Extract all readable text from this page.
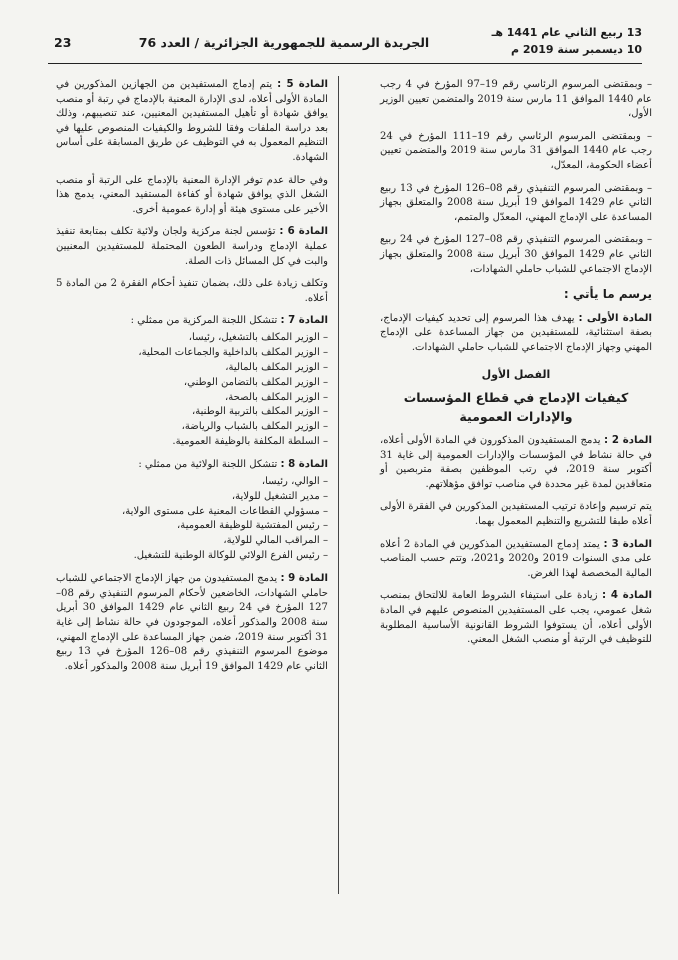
13 ربيع الثاني عام 1441 هـ
10 ديسمبر سنة 2019 م
الجريدة الرسمية للجمهورية الجزائرية / العدد 76
23

– وبمقتضى المرسوم الرئاسي رقم 19–97 المؤرخ في 4 رجب عام 1440 الموافق 11 مارس سنة 2019 والمتضمن تعيين الوزير الأول،

– وبمقتضى المرسوم الرئاسي رقم 19–111 المؤرخ في 24 رجب عام 1440 الموافق 31 مارس سنة 2019 والمتضمن تعيين أعضاء الحكومة، المعدّل،

– وبمقتضى المرسوم التنفيذي رقم 08–126 المؤرخ في 13 ربيع الثاني عام 1429 الموافق 19 أبريل سنة 2008 والمتعلق بجهاز المساعدة على الإدماج المهني، المعدّل والمتمم،

– وبمقتضى المرسوم التنفيذي رقم 08–127 المؤرخ في 24 ربيع الثاني عام 1429 الموافق 30 أبريل سنة 2008 والمتعلق بجهاز الإدماج الاجتماعي للشباب حاملي الشهادات،

يرسم ما يأتي :

المادة الأولى : يهدف هذا المرسوم إلى تحديد كيفيات الإدماج، بصفة استثنائية، للمستفيدين من جهاز المساعدة على الإدماج المهني وجهاز الإدماج الاجتماعي للشباب حاملي الشهادات.

الفصل الأول
كيفيات الإدماج في قطاع المؤسسات والإدارات العمومية

المادة 2 : يدمج المستفيدون المذكورون في المادة الأولى أعلاه، في حالة نشاط في المؤسسات والإدارات العمومية إلى غاية 31 أكتوبر سنة 2019، في رتب الموظفين بصفة متربصين أو متعاقدين لمدة غير محددة في مناصب توافق مؤهلاتهم.

يتم ترسيم وإعادة ترتيب المستفيدين المذكورين في الفقرة الأولى أعلاه طبقا للتشريع والتنظيم المعمول بهما.

المادة 3 : يمتد إدماج المستفيدين المذكورين في المادة 2 أعلاه على مدى السنوات 2019 و2020 و2021، وتتم حسب المناصب المالية المخصصة لهذا الغرض.

المادة 4 : زيادة على استيفاء الشروط العامة للالتحاق بمنصب شغل عمومي، يجب على المستفيدين المنصوص عليهم في المادة الأولى أعلاه، أن يستوفوا الشروط القانونية الأساسية المطلوبة للتوظيف في الرتبة أو منصب الشغل المعني.

المادة 5 : يتم إدماج المستفيدين من الجهازين المذكورين في المادة الأولى أعلاه، لدى الإدارة المعنية بالإدماج في رتبة أو منصب يوافق شهادة أو تأهيل المستفيدين المعنيين، عند تنصيبهم، وذلك بعد دراسة الملفات وفقا للشروط والكيفيات المنصوص عليها في التنظيم المعمول به في التوظيف عن طريق المسابقة على أساس الشهادة.

وفي حالة عدم توفر الإدارة المعنية بالإدماج على الرتبة أو منصب الشغل الذي يوافق شهادة أو كفاءة المستفيد المعني، يدمج هذا الأخير على مستوى هيئة أو إدارة عمومية أخرى.

المادة 6 : تؤسس لجنة مركزية ولجان ولائية تكلف بمتابعة تنفيذ عملية الإدماج ودراسة الطعون المحتملة للمستفيدين المعنيين والبت في كل المسائل ذات الصلة.

وتكلف زيادة على ذلك، بضمان تنفيذ أحكام الفقرة 2 من المادة 5 أعلاه.

المادة 7 : تتشكل اللجنة المركزية من ممثلي :

– الوزير المكلف بالتشغيل، رئيسا،
– الوزير المكلف بالداخلية والجماعات المحلية،
– الوزير المكلف بالمالية،
– الوزير المكلف بالتضامن الوطني،
– الوزير المكلف بالصحة،
– الوزير المكلف بالتربية الوطنية،
– الوزير المكلف بالشباب والرياضة،
– السلطة المكلفة بالوظيفة العمومية.

المادة 8 : تتشكل اللجنة الولائية من ممثلي :

– الوالي، رئيسا،
– مدير التشغيل للولاية،
– مسؤولي القطاعات المعنية على مستوى الولاية،
– رئيس المفتشية للوظيفة العمومية،
– المراقب المالي للولاية،
– رئيس الفرع الولائي للوكالة الوطنية للتشغيل.

المادة 9 : يدمج المستفيدون من جهاز الإدماج الاجتماعي للشباب حاملي الشهادات، الخاضعين لأحكام المرسوم التنفيذي رقم 08–127 المؤرخ في 24 ربيع الثاني عام 1429 الموافق 30 أبريل سنة 2008 والمذكور أعلاه، الموجودون في حالة نشاط إلى غاية 31 أكتوبر سنة 2019، ضمن جهاز المساعدة على الإدماج المهني، موضوع المرسوم التنفيذي رقم 08–126 المؤرخ في 13 ربيع الثاني عام 1429 الموافق 19 أبريل سنة 2008 والمذكور أعلاه.
